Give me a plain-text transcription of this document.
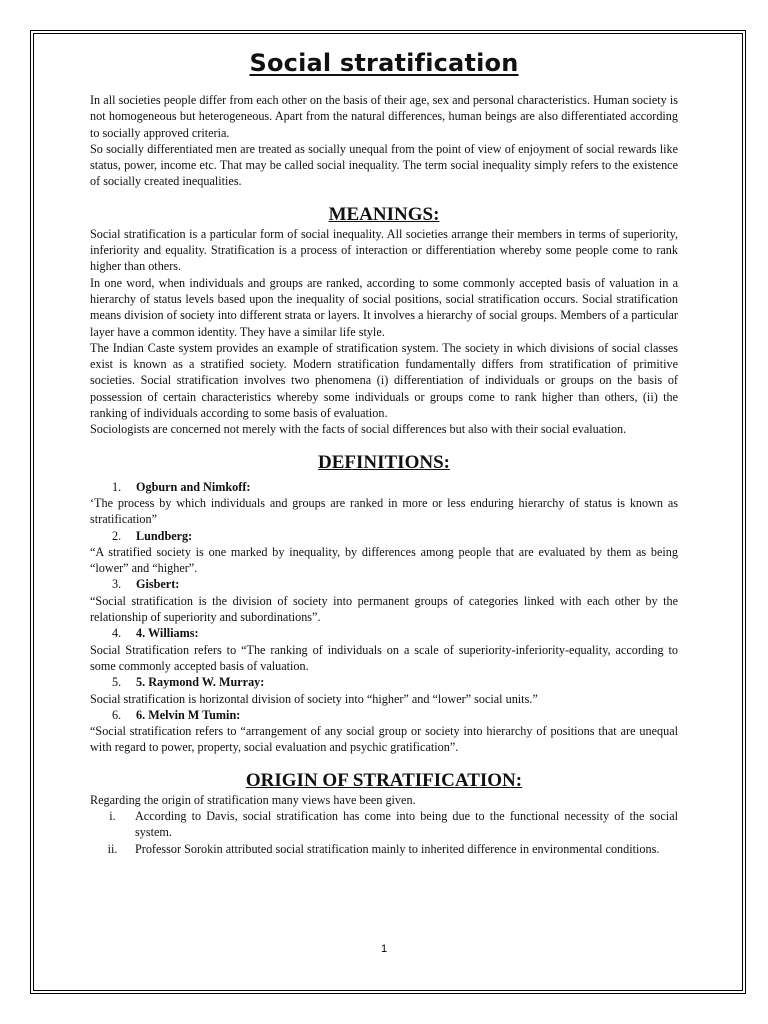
Social stratification

In all societies people differ from each other on the basis of their age, sex and personal characteristics. Human society is not homogeneous but heterogeneous. Apart from the natural differences, human beings are also differentiated according to socially approved criteria.

So socially differentiated men are treated as socially unequal from the point of view of enjoyment of social rewards like status, power, income etc. That may be called social inequality. The term social inequality simply refers to the existence of socially created inequalities.

MEANINGS:

Social stratification is a particular form of social inequality. All societies arrange their members in terms of superiority, inferiority and equality. Stratification is a process of interaction or differentiation whereby some people come to rank higher than others.

In one word, when individuals and groups are ranked, according to some commonly accepted basis of valuation in a hierarchy of status levels based upon the inequality of social positions, social stratification occurs. Social stratification means division of society into different strata or layers. It involves a hierarchy of social groups. Members of a particular layer have a common identity. They have a similar life style.

The Indian Caste system provides an example of stratification system. The society in which divisions of social classes exist is known as a stratified society. Modern stratification fundamentally differs from stratification of primitive societies. Social stratification involves two phenomena (i) differentiation of individuals or groups on the basis of possession of certain characteristics whereby some individuals or groups come to rank higher than others, (ii) the ranking of individuals according to some basis of evaluation.

Sociologists are concerned not merely with the facts of social differences but also with their social evaluation.

DEFINITIONS:
1. Ogburn and Nimkoff:

‘The process by which individuals and groups are ranked in more or less enduring hierarchy of status is known as stratification”

2. Lundberg:

“A stratified society is one marked by inequality, by differences among people that are evaluated by them as being “lower” and “higher”.

3. Gisbert:

“Social stratification is the division of society into permanent groups of categories linked with each other by the relationship of superiority and subordinations”.

4. 4. Williams:

Social Stratification refers to “The ranking of individuals on a scale of superiority-inferiority-equality, according to some commonly accepted basis of valuation.

5. 5. Raymond W. Murray:

Social stratification is horizontal division of society into “higher” and “lower” social units.”

6. 6. Melvin M Tumin:

“Social stratification refers to “arrangement of any social group or society into hierarchy of positions that are unequal with regard to power, property, social evaluation and psychic gratification”.

ORIGIN OF STRATIFICATION:

Regarding the origin of stratification many views have been given.

i.	According to Davis, social stratification has come into being due to the functional necessity of the social system.
ii.	Professor Sorokin attributed social stratification mainly to inherited difference in environmental conditions.
1
